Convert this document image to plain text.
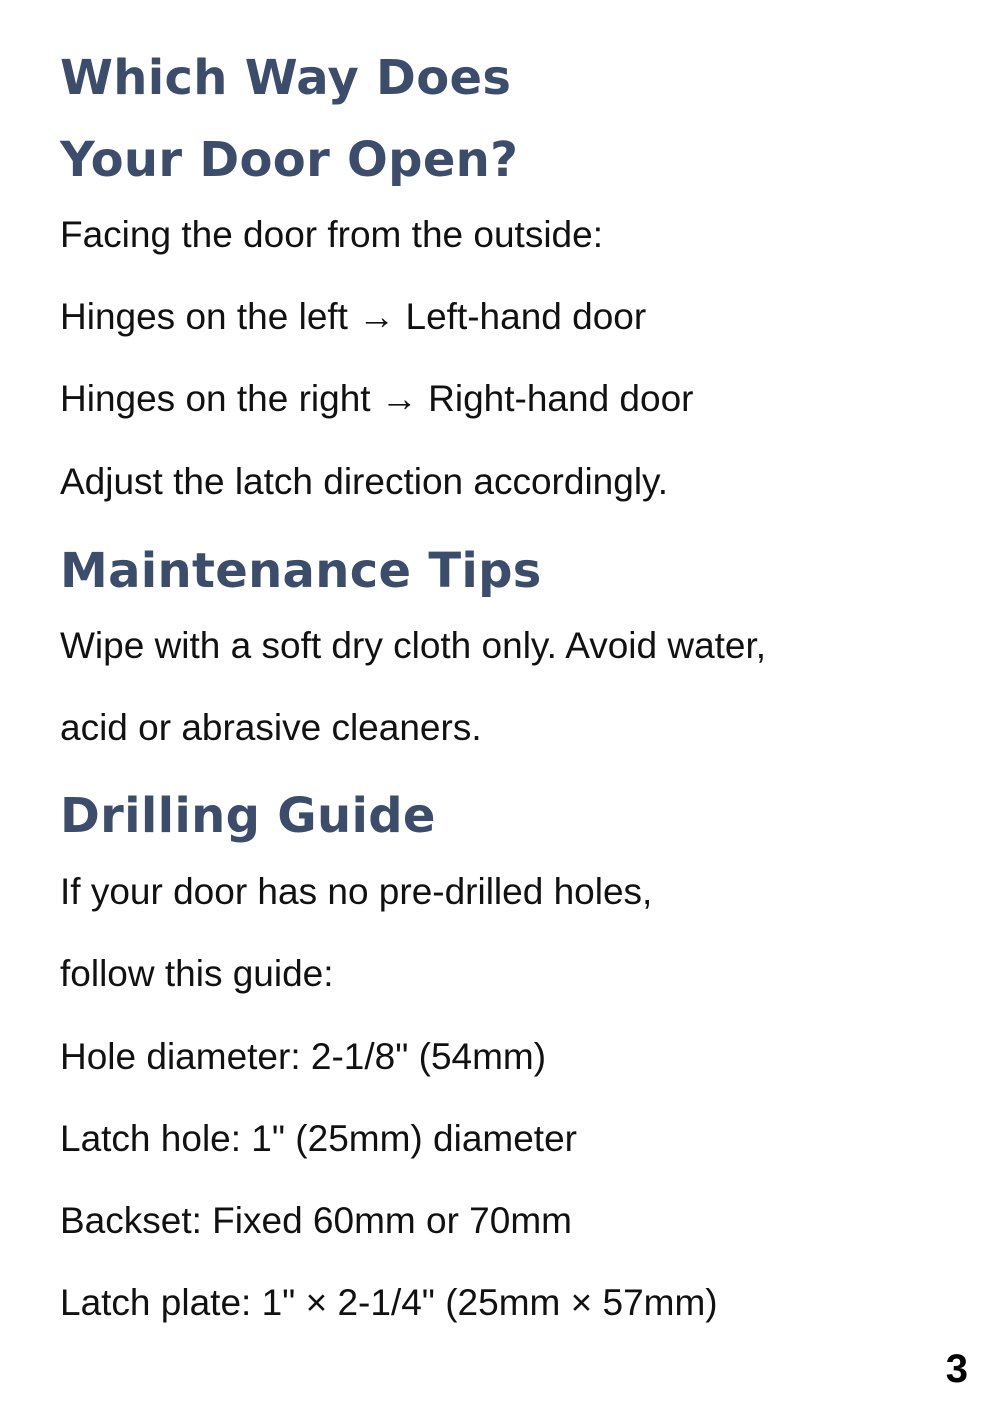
Which Way Does
Your Door Open?

Facing the door from the outside:

Hinges on the left → Left-hand door

Hinges on the right → Right-hand door

Adjust the latch direction accordingly.

Maintenance Tips

Wipe with a soft dry cloth only. Avoid water,

acid or abrasive cleaners.

Drilling Guide

If your door has no pre-drilled holes,

follow this guide:

Hole diameter: 2-1/8" (54mm)

Latch hole: 1" (25mm) diameter

Backset: Fixed 60mm or 70mm

Latch plate: 1" × 2-1/4" (25mm × 57mm)

3
